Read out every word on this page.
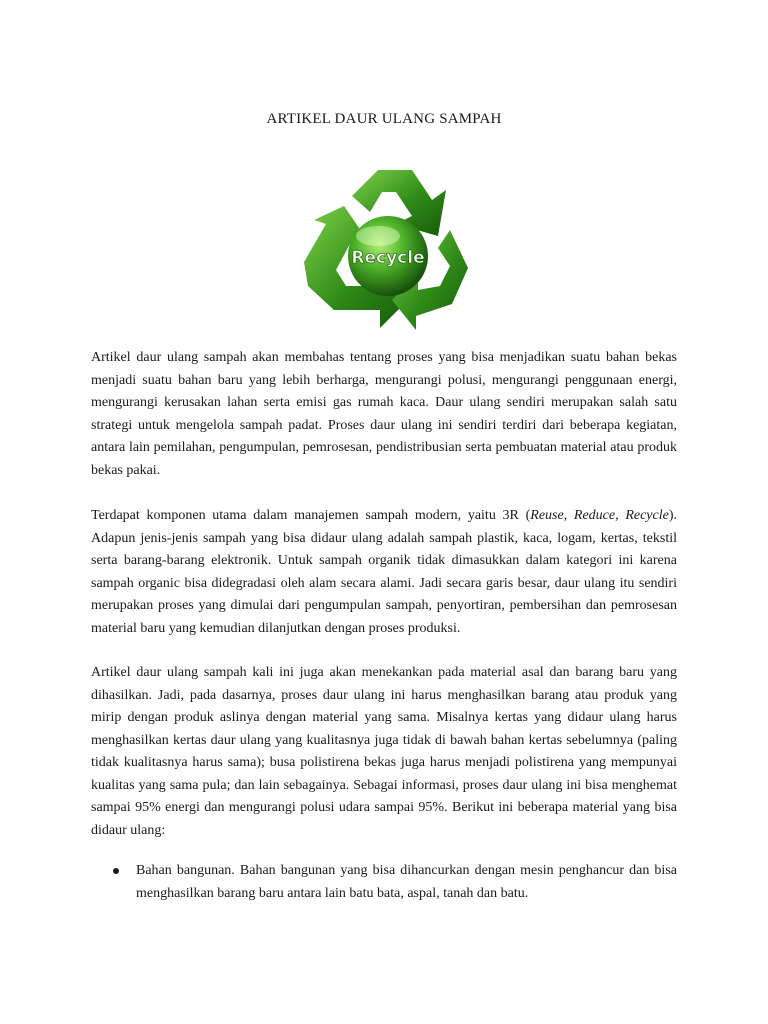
ARTIKEL DAUR ULANG SAMPAH
Recycle

Artikel daur ulang sampah akan membahas tentang proses yang bisa menjadikan suatu bahan bekas menjadi suatu bahan baru yang lebih berharga, mengurangi polusi, mengurangi penggunaan energi, mengurangi kerusakan lahan serta emisi gas rumah kaca. Daur ulang sendiri merupakan salah satu strategi untuk mengelola sampah padat. Proses daur ulang ini sendiri terdiri dari beberapa kegiatan, antara lain pemilahan, pengumpulan, pemrosesan, pendistribusian serta pembuatan material atau produk bekas pakai.

Terdapat komponen utama dalam manajemen sampah modern, yaitu 3R (Reuse, Reduce, Recycle). Adapun jenis-jenis sampah yang bisa didaur ulang adalah sampah plastik, kaca, logam, kertas, tekstil serta barang-barang elektronik. Untuk sampah organik tidak dimasukkan dalam kategori ini karena sampah organic bisa didegradasi oleh alam secara alami. Jadi secara garis besar, daur ulang itu sendiri merupakan proses yang dimulai dari pengumpulan sampah, penyortiran, pembersihan dan pemrosesan material baru yang kemudian dilanjutkan dengan proses produksi.

Artikel daur ulang sampah kali ini juga akan menekankan pada material asal dan barang baru yang dihasilkan. Jadi, pada dasarnya, proses daur ulang ini harus menghasilkan barang atau produk yang mirip dengan produk aslinya dengan material yang sama. Misalnya kertas yang didaur ulang harus menghasilkan kertas daur ulang yang kualitasnya juga tidak di bawah bahan kertas sebelumnya (paling tidak kualitasnya harus sama); busa polistirena bekas juga harus menjadi polistirena yang mempunyai kualitas yang sama pula; dan lain sebagainya. Sebagai informasi, proses daur ulang ini bisa menghemat sampai 95% energi dan mengurangi polusi udara sampai 95%. Berikut ini beberapa material yang bisa didaur ulang:

Bahan bangunan. Bahan bangunan yang bisa dihancurkan dengan mesin penghancur dan bisa menghasilkan barang baru antara lain batu bata, aspal, tanah dan batu.
